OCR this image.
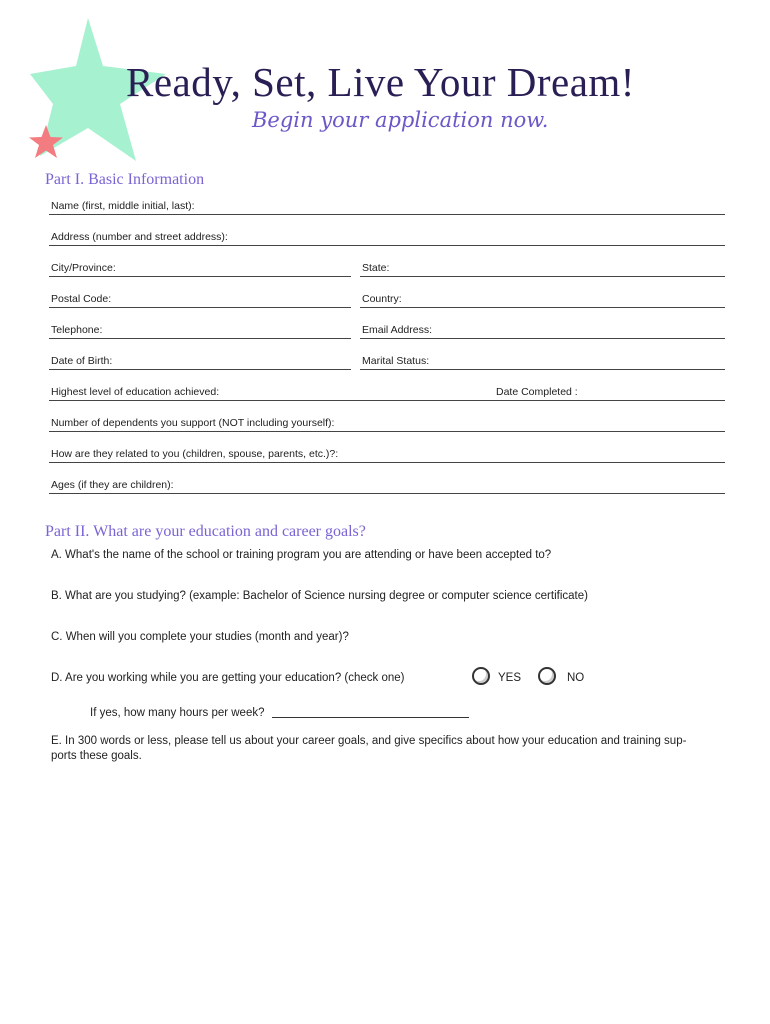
Ready, Set, Live Your Dream!
Begin your application now.
Part I. Basic Information
Name (first, middle initial, last):
Address (number and street address):
City/Province:	State:
Postal Code:	Country:
Telephone:	Email Address:
Date of Birth:	Marital Status:
Highest level of education achieved:	Date Completed :
Number of dependents you support (NOT including yourself):
How are they related to you (children, spouse, parents, etc.)?:
Ages (if they are children):
Part II. What are your education and career goals?
A. What's the name of the school or training program you are attending or have been accepted to?
B. What are you studying? (example: Bachelor of Science nursing degree or computer science certificate)
C. When will you complete your studies (month and year)?
D. Are you working while you are getting your education? (check one)	YES	NO
If yes, how many hours per week?
E. In 300 words or less, please tell us about your career goals, and give specifics about how your education and training sup-ports these goals.
